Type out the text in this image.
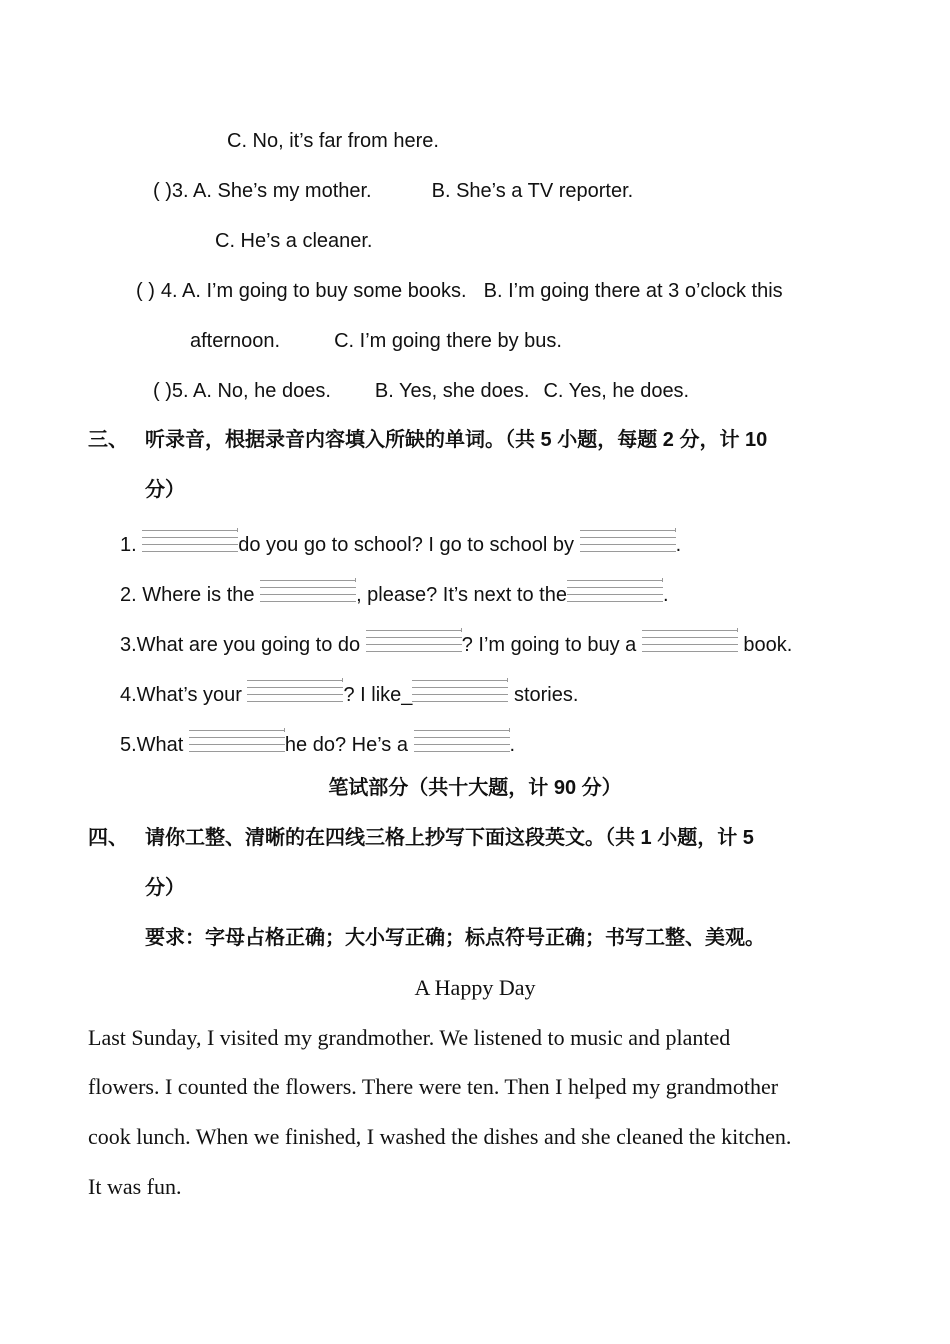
C. No, it’s far from here.
( )3. A. She’s my mother.	B. She’s a TV reporter.
C. He’s a cleaner.
( ) 4. A. I’m going to buy some books. B. I’m going there at 3 o’clock this
afternoon.	C. I’m going there by bus.
( )5. A. No, he does. B. Yes, she does. C. Yes, he does.
三、 听录音，根据录音内容填入所缺的单词。（共 5 小题，每题 2 分，计 10
分）
1.	do you go to school? I go to school by	.
2. Where is the	, please? It’s next to the	.
3.What are you going to do	? I’m going to buy a	book.
4.What’s your	? I like_	stories.
5.What	he do? He’s a	.
笔试部分（共十大题，计 90 分）
四、 请你工整、清晰的在四线三格上抄写下面这段英文。（共 1 小题，计 5
分）
要求：字母占格正确；大小写正确；标点符号正确；书写工整、美观。
A Happy Day
Last Sunday, I visited my grandmother. We listened to music and planted
flowers. I counted the flowers. There were ten. Then I helped my grandmother
cook lunch. When we finished, I washed the dishes and she cleaned the kitchen.
It was fun.
